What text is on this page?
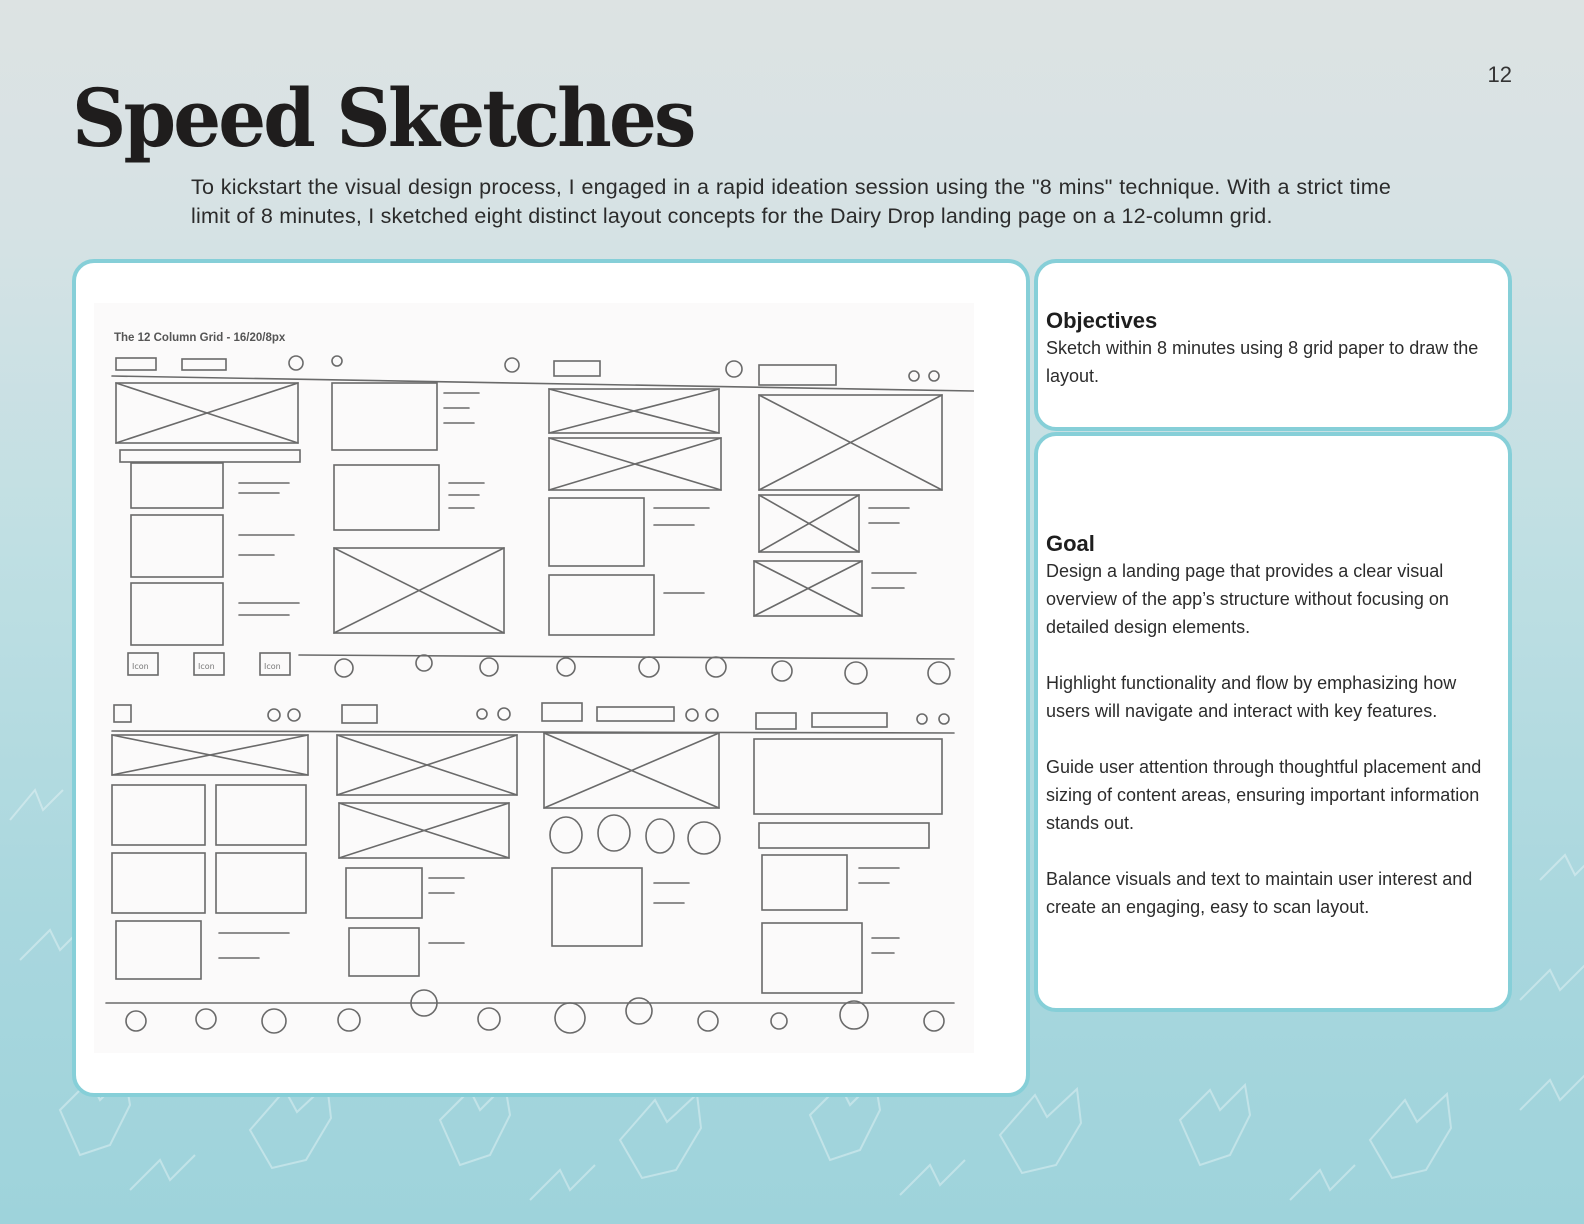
12
Speed Sketches

To kickstart the visual design process, I engaged in a rapid ideation session using the "8 mins" technique. With a strict time limit of 8 minutes, I sketched eight distinct layout concepts for the Dairy Drop landing page on a 12-column grid.

The 12 Column Grid - 16/20/8px
Icon	Icon	Icon
Objectives

Sketch within 8 minutes using 8 grid paper to draw the layout.

Goal

Design a landing page that provides a clear visual overview of the app’s structure without focusing on detailed design elements.

Highlight functionality and flow by emphasizing how users will navigate and interact with key features.

Guide user attention through thoughtful placement and sizing of content areas, ensuring important information stands out.

Balance visuals and text to maintain user interest and create an engaging, easy to scan layout.
